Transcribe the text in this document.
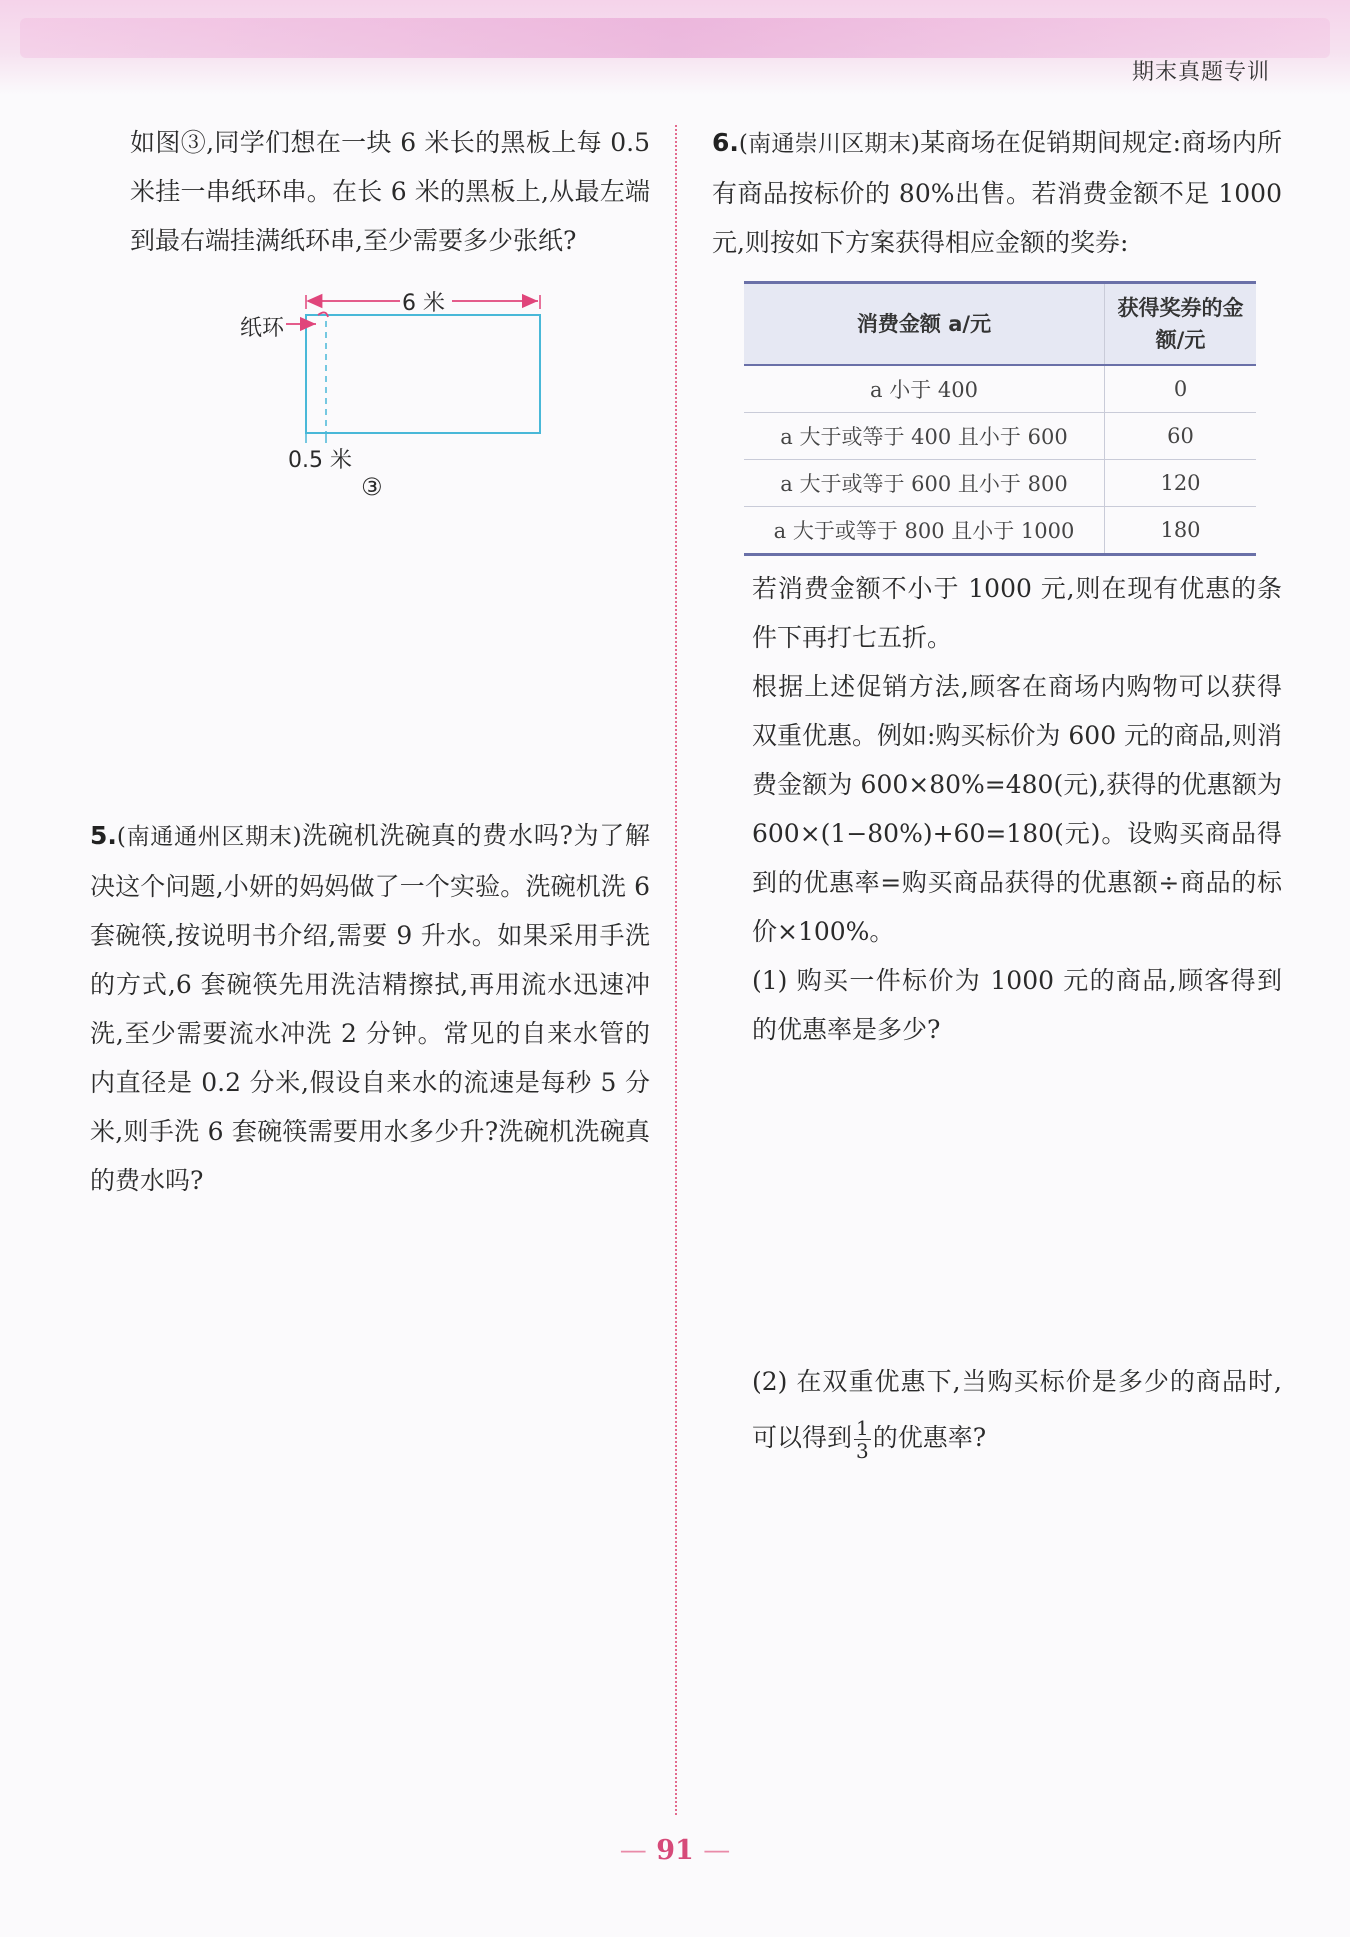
期末真题专训

如图③,同学们想在一块 6 米长的黑板上每 0.5 米挂一串纸环串。在长 6 米的黑板上,从最左端到最右端挂满纸环串,至少需要多少张纸?

6 米
纸环
0.5 米
③

5.(南通通州区期末)洗碗机洗碗真的费水吗?为了解决这个问题,小妍的妈妈做了一个实验。洗碗机洗 6 套碗筷,按说明书介绍,需要 9 升水。如果采用手洗的方式,6 套碗筷先用洗洁精擦拭,再用流水迅速冲洗,至少需要流水冲洗 2 分钟。常见的自来水管的内直径是 0.2 分米,假设自来水的流速是每秒 5 分米,则手洗 6 套碗筷需要用水多少升?洗碗机洗碗真的费水吗?

6.(南通崇川区期末)某商场在促销期间规定:商场内所有商品按标价的 80%出售。若消费金额不足 1000 元,则按如下方案获得相应金额的奖券:

消费金额 a/元	获得奖券的金额/元
a 小于 400	0
a 大于或等于 400 且小于 600	60
a 大于或等于 600 且小于 800	120
a 大于或等于 800 且小于 1000	180

若消费金额不小于 1000 元,则在现有优惠的条件下再打七五折。

根据上述促销方法,顾客在商场内购物可以获得双重优惠。例如:购买标价为 600 元的商品,则消费金额为 600×80%=480(元),获得的优惠额为 600×(1−80%)+60=180(元)。设购买商品得到的优惠率=购买商品获得的优惠额÷商品的标价×100%。

(1) 购买一件标价为 1000 元的商品,顾客得到的优惠率是多少?

(2) 在双重优惠下,当购买标价是多少的商品时,可以得到 $\frac{1}{3}$ 的优惠率?

— 91 —
